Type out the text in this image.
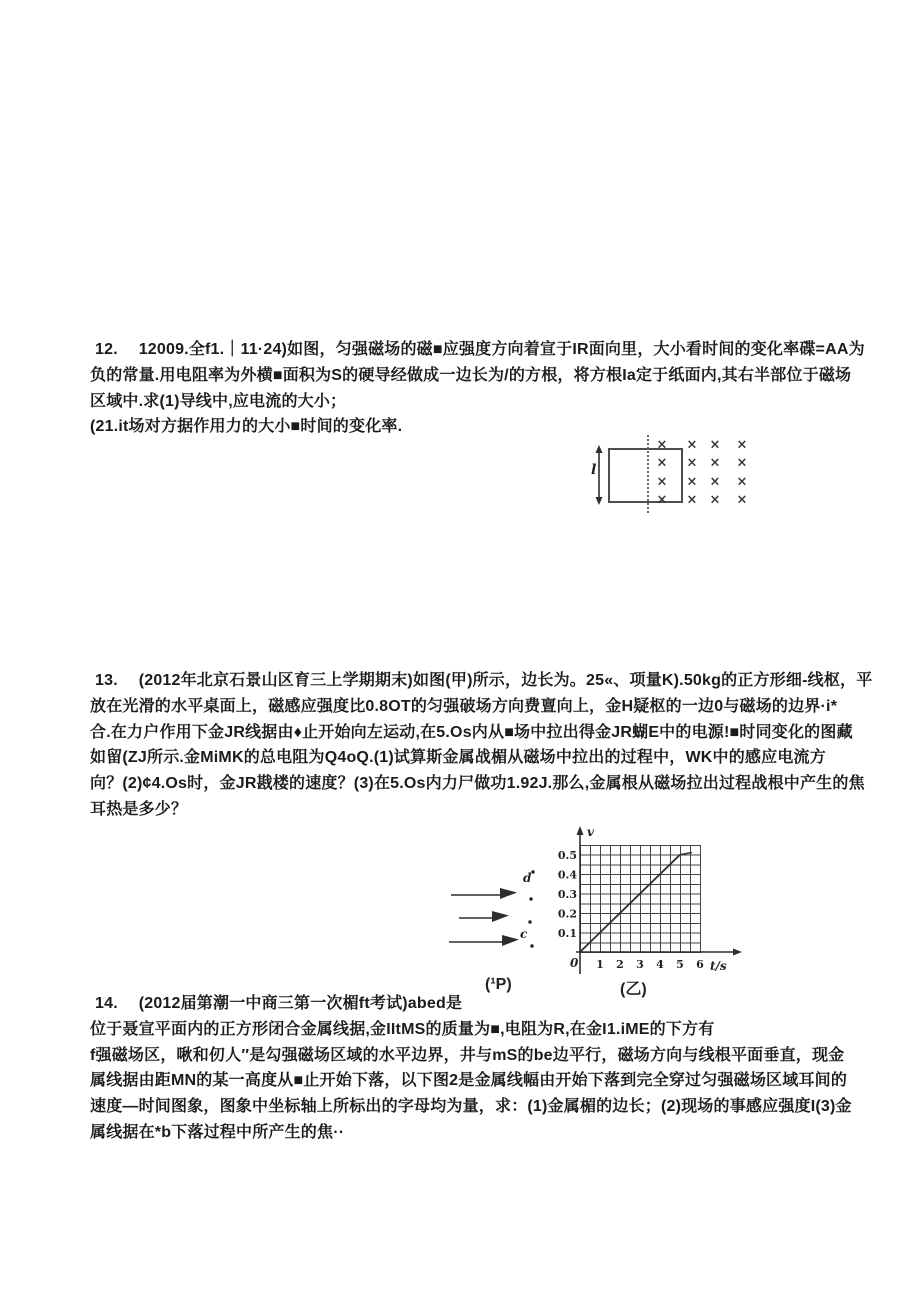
12.　 12009.全f1.｜11·24)如图，匀强磁场的磁■应强度方向着宣于IR面向里，大小看时间的变化率碟=AA为
负的常量.用电阻率为外横■面积为S的硬导经做成一边长为/的方根，将方根Ia定于纸面内,其右半部位于磁场
区域中.求(1)导线中,应电流的大小；
(21.it场对方据作用力的大小■时间的变化率.
l
× × × ×
× × × ×
× × × ×
× × × ×
13.　 (2012年北京石景山区育三上学期期末)如图(甲)所示，边长为。25«、项量K).50kg的正方形细-线枢，平
放在光滑的水平桌面上，磁感应强度比0.8OT的匀强破场方向费亶向上，金H疑枢的一边0与磁场的边界·i*
合.在力户作用下金JR线据由♦止开始向左运动,在5.Os内从■场中拉出得金JR蝴E中的电源!■时同变化的图藏
如留(ZJ所示.金MiMK的总电阻为Q4oQ.(1)试算斯金属战楣从磁场中拉出的过程中，WK中的感应电流方
向？(2)¢4.Os时，金JR戡楼的速度？(3)在5.Os内力尸做功1.92J.那么,金属根从磁场拉出过程战根中产生的焦
耳热是多少？
d
c
v
0.5
0.4
0.3
0.2
0.1
0 1 2 3 4 5 6 t/s
(¹P)	(乙)
14.　 (2012届第潮一中商三第一次楣ft考试)abed是
位于聂宣平面内的正方形闭合金属线据,金IItMS的质量为■,电阻为R,在金I1.iME的下方有
f强磁场区，啾和仞人″是勾强磁场区域的水平边界，井与mS的be边平行，磁场方向与线根平面垂直，现金
属线据由距MN的某一高度从■止开始下落，以下图2是金属线幅由开始下落到完全穿过匀强磁场区域耳间的
速度—时间图象，图象中坐标轴上所标出的字母均为量，求：(1)金属楣的边长；(2)现场的事感应强度I(3)金
属线据在*b下落过程中所产生的焦··
